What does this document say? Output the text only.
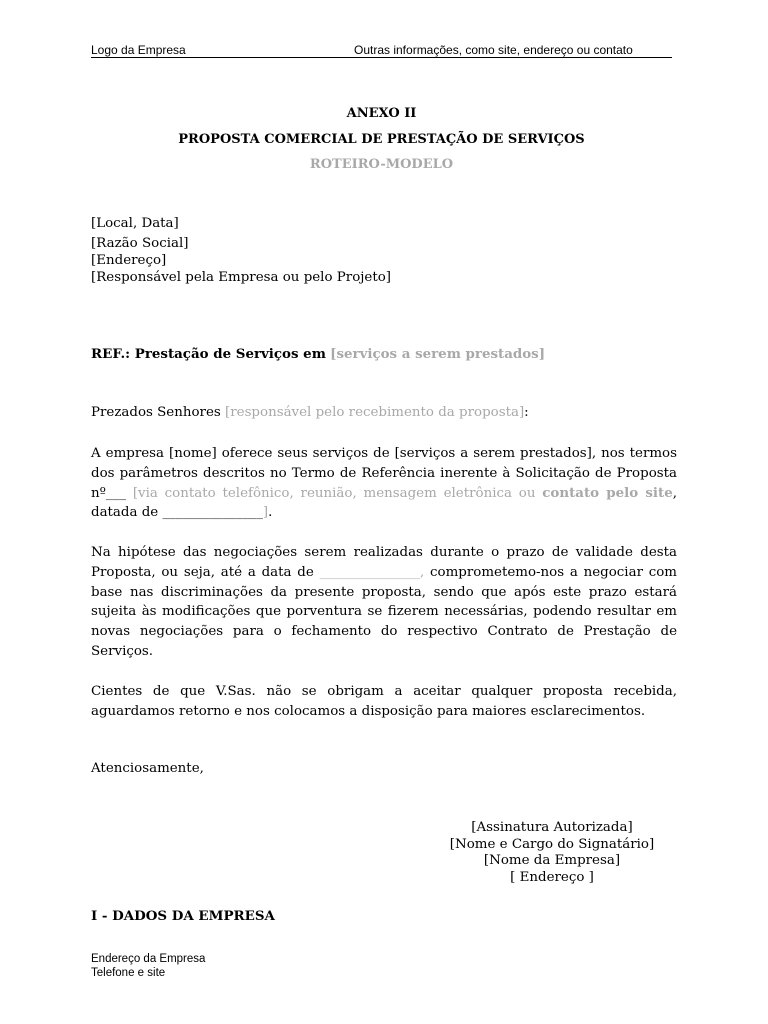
Logo da Empresa	Outras informações, como site, endereço ou contato
ANEXO II
PROPOSTA COMERCIAL DE PRESTAÇÃO DE SERVIÇOS
ROTEIRO-MODELO
[Local, Data]
[Razão Social]
[Endereço]
[Responsável pela Empresa ou pelo Projeto]
REF.: Prestação de Serviços em [serviços a serem prestados]
Prezados Senhores [responsável pelo recebimento da proposta]:
A empresa [nome] oferece seus serviços de [serviços a serem prestados], nos termos dos parâmetros descritos no Termo de Referência inerente à Solicitação de Proposta nº___ [via contato telefônico, reunião, mensagem eletrônica ou contato pelo site, datada de _______________].
Na hipótese das negociações serem realizadas durante o prazo de validade desta Proposta, ou seja, até a data de _______________, comprometemo-nos a negociar com base nas discriminações da presente proposta, sendo que após este prazo estará sujeita às modificações que porventura se fizerem necessárias, podendo resultar em novas negociações para o fechamento do respectivo Contrato de Prestação de Serviços.
Cientes de que V.Sas. não se obrigam a aceitar qualquer proposta recebida, aguardamos retorno e nos colocamos a disposição para maiores esclarecimentos.
Atenciosamente,
[Assinatura Autorizada]
[Nome e Cargo do Signatário]
[Nome da Empresa]
[ Endereço ]
I - DADOS DA EMPRESA
Endereço da Empresa
Telefone e site
